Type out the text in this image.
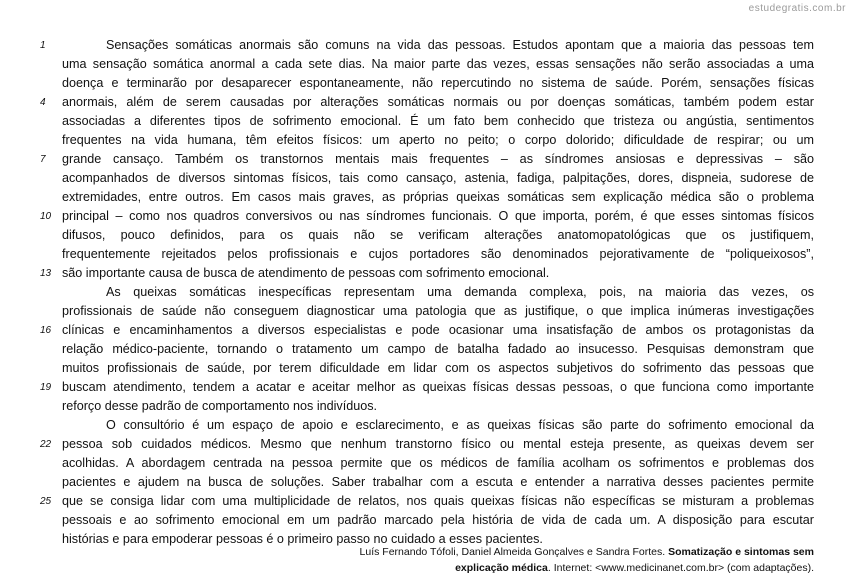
estudegratis.com.br
Sensações somáticas anormais são comuns na vida das pessoas. Estudos apontam que a maioria das pessoas tem
uma sensação somática anormal a cada sete dias. Na maior parte das vezes, essas sensações não serão associadas a uma
doença e terminarão por desaparecer espontaneamente, não repercutindo no sistema de saúde. Porém, sensações físicas
anormais, além de serem causadas por alterações somáticas normais ou por doenças somáticas, também podem estar
associadas a diferentes tipos de sofrimento emocional. É um fato bem conhecido que tristeza ou angústia, sentimentos
frequentes na vida humana, têm efeitos físicos: um aperto no peito; o corpo dolorido; dificuldade de respirar; ou um
grande cansaço. Também os transtornos mentais mais frequentes – as síndromes ansiosas e depressivas – são
acompanhados de diversos sintomas físicos, tais como cansaço, astenia, fadiga, palpitações, dores, dispneia, sudorese de
extremidades, entre outros. Em casos mais graves, as próprias queixas somáticas sem explicação médica são o problema
principal – como nos quadros conversivos ou nas síndromes funcionais. O que importa, porém, é que esses sintomas físicos
difusos, pouco definidos, para os quais não se verificam alterações anatomopatológicas que os justifiquem,
frequentemente rejeitados pelos profissionais e cujos portadores são denominados pejorativamente de “poliqueixosos”,
são importante causa de busca de atendimento de pessoas com sofrimento emocional.
As queixas somáticas inespecíficas representam uma demanda complexa, pois, na maioria das vezes, os
profissionais de saúde não conseguem diagnosticar uma patologia que as justifique, o que implica inúmeras investigações
clínicas e encaminhamentos a diversos especialistas e pode ocasionar uma insatisfação de ambos os protagonistas da
relação médico-paciente, tornando o tratamento um campo de batalha fadado ao insucesso. Pesquisas demonstram que
muitos profissionais de saúde, por terem dificuldade em lidar com os aspectos subjetivos do sofrimento das pessoas que
buscam atendimento, tendem a acatar e aceitar melhor as queixas físicas dessas pessoas, o que funciona como importante
reforço desse padrão de comportamento nos indivíduos.
O consultório é um espaço de apoio e esclarecimento, e as queixas físicas são parte do sofrimento emocional da
pessoa sob cuidados médicos. Mesmo que nenhum transtorno físico ou mental esteja presente, as queixas devem ser
acolhidas. A abordagem centrada na pessoa permite que os médicos de família acolham os sofrimentos e problemas dos
pacientes e ajudem na busca de soluções. Saber trabalhar com a escuta e entender a narrativa desses pacientes permite
que se consiga lidar com uma multiplicidade de relatos, nos quais queixas físicas não específicas se misturam a problemas
pessoais e ao sofrimento emocional em um padrão marcado pela história de vida de cada um. A disposição para escutar
histórias e para empoderar pessoas é o primeiro passo no cuidado a esses pacientes.
1
4
7
10
13
16
19
22
25
Luís Fernando Tófoli, Daniel Almeida Gonçalves e Sandra Fortes. Somatização e sintomas sem
explicação médica. Internet: <www.medicinanet.com.br> (com adaptações).
